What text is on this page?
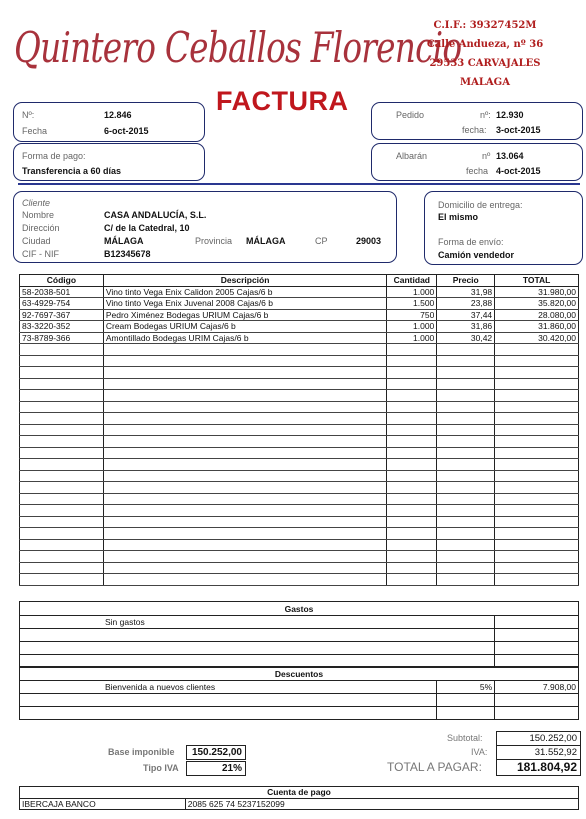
Quintero Ceballos Florencio
C.I.F.: 39327452M
Calle Andueza, nº 36
29533 CARVAJALES
MALAGA
FACTURA
Nº:	12.846
Fecha	6-oct-2015
Forma de pago:
Transferencia a 60 días
Pedido	nº: 12.930
fecha: 3-oct-2015
Albarán	nº 13.064
fecha 4-oct-2015
Cliente
Nombre	CASA ANDALUCÍA, S.L.
Dirección	C/ de la Catedral, 10
Ciudad	MÁLAGA	Provincia MÁLAGA	CP	29003
CIF - NIF	B12345678
Domicilio de entrega:
El mismo
Forma de envío:
Camión vendedor
Código	Descripción	Cantidad	Precio	TOTAL
58-2038-501	Vino tinto Vega Enix Calidon 2005 Cajas/6 b	1.000	31,98	31.980,00
63-4929-754	Vino tinto Vega Enix Juvenal 2008 Cajas/6 b	1.500	23,88	35.820,00
92-7697-367	Pedro Ximénez Bodegas URIUM Cajas/6 b	750	37,44	28.080,00
83-3220-352	Cream Bodegas URIUM Cajas/6 b	1.000	31,86	31.860,00
73-8789-366	Amontillado Bodegas URIM Cajas/6 b	1.000	30,42	30.420,00

Gastos	
Sin gastos	

Descuentos		
Bienvenida a nuevos clientes	5%	7.908,00

Base imponible	150.252,00
Tipo IVA	21%
Subtotal:	150.252,00
IVA:	31.552,92
TOTAL A PAGAR:	181.804,92
Cuenta de pago
IBERCAJA BANCO	2085 625 74 5237152099
